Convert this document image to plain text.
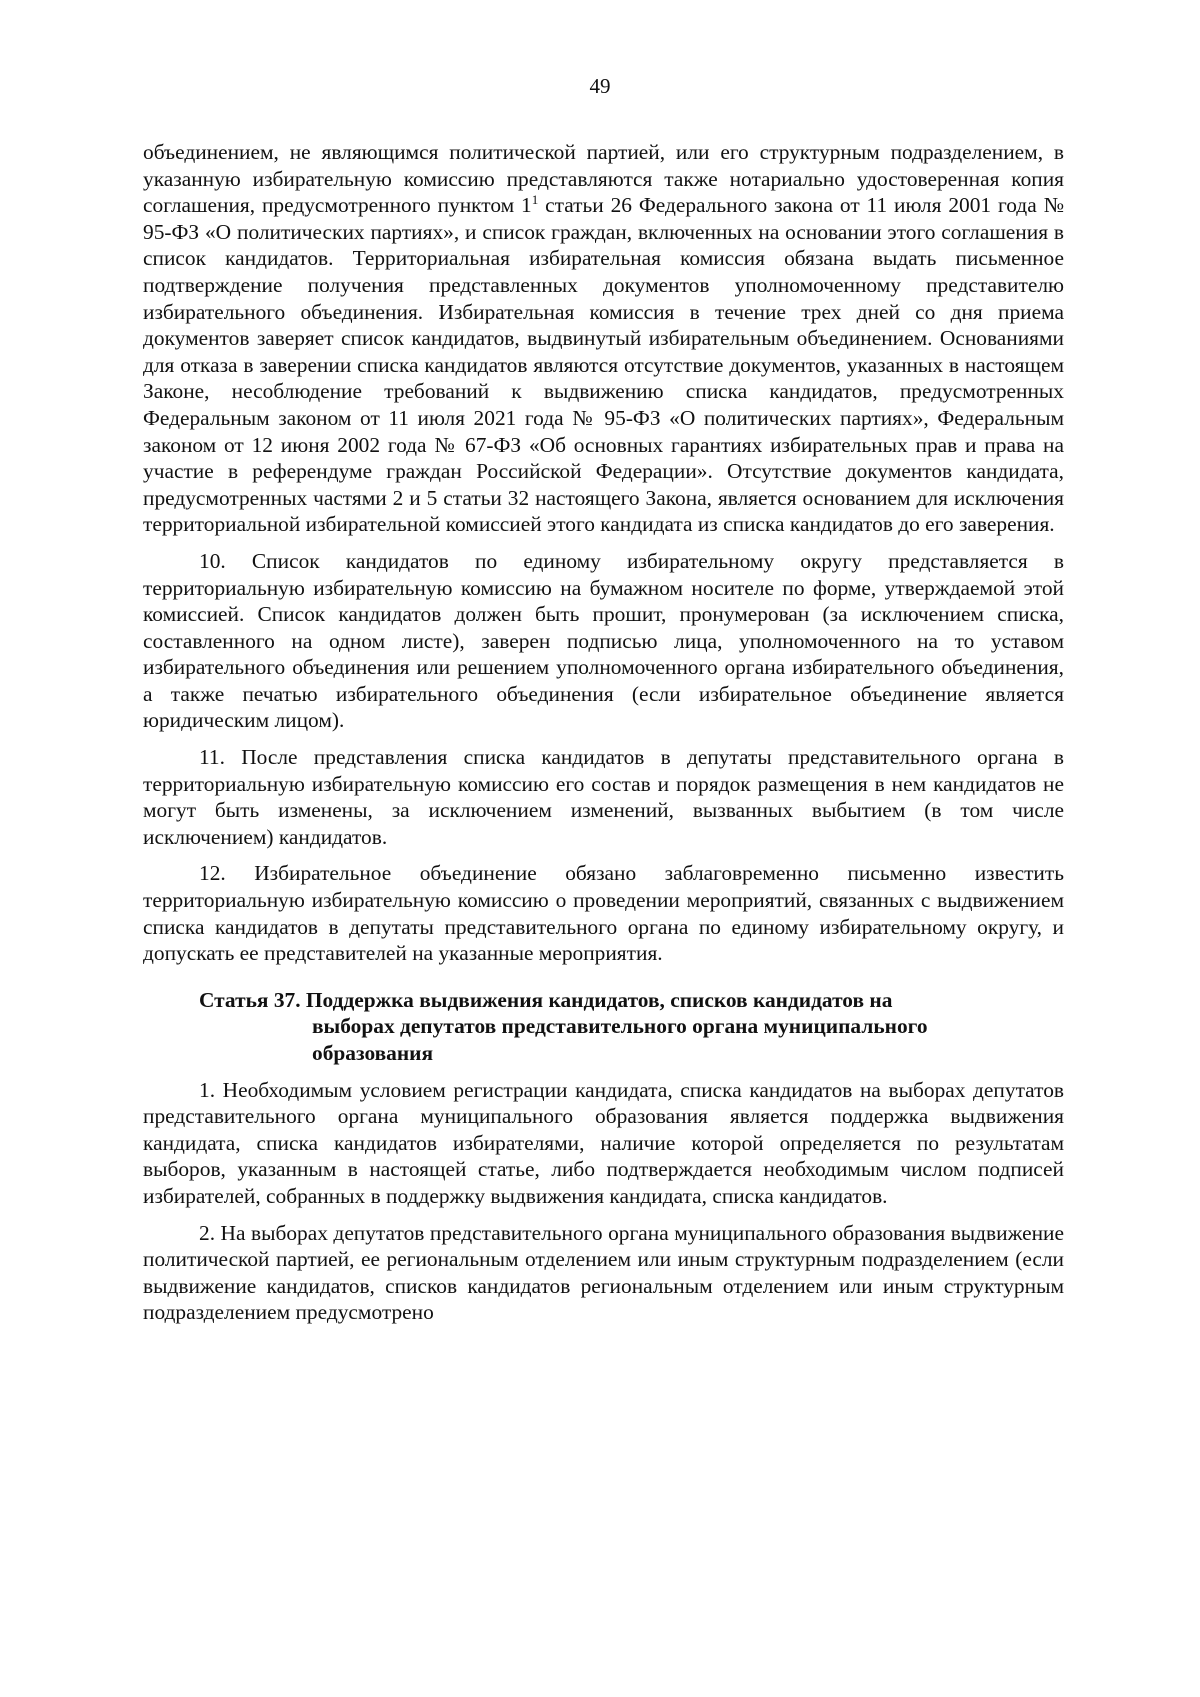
49

объединением, не являющимся политической партией, или его структурным подразделением, в указанную избирательную комиссию представляются также нотариально удостоверенная копия соглашения, предусмотренного пунктом $1^1$ статьи 26 Федерального закона от 11 июля 2001 года № 95-ФЗ «О политических партиях», и список граждан, включенных на основании этого соглашения в список кандидатов. Территориальная избирательная комиссия обязана выдать письменное подтверждение получения представленных документов уполномоченному представителю избирательного объединения. Избирательная комиссия в течение трех дней со дня приема документов заверяет список кандидатов, выдвинутый избирательным объединением. Основаниями для отказа в заверении списка кандидатов являются отсутствие документов, указанных в настоящем Законе, несоблюдение требований к выдвижению списка кандидатов, предусмотренных Федеральным законом от 11 июля 2021 года № 95-ФЗ «О политических партиях», Федеральным законом от 12 июня 2002 года № 67-ФЗ «Об основных гарантиях избирательных прав и права на участие в референдуме граждан Российской Федерации». Отсутствие документов кандидата, предусмотренных частями 2 и 5 статьи 32 настоящего Закона, является основанием для исключения территориальной избирательной комиссией этого кандидата из списка кандидатов до его заверения.

10. Список кандидатов по единому избирательному округу представляется в территориальную избирательную комиссию на бумажном носителе по форме, утверждаемой этой комиссией. Список кандидатов должен быть прошит, пронумерован (за исключением списка, составленного на одном листе), заверен подписью лица, уполномоченного на то уставом избирательного объединения или решением уполномоченного органа избирательного объединения, а также печатью избирательного объединения (если избирательное объединение является юридическим лицом).

11. После представления списка кандидатов в депутаты представительного органа в территориальную избирательную комиссию его состав и порядок размещения в нем кандидатов не могут быть изменены, за исключением изменений, вызванных выбытием (в том числе исключением) кандидатов.

12. Избирательное объединение обязано заблаговременно письменно известить территориальную избирательную комиссию о проведении мероприятий, связанных с выдвижением списка кандидатов в депутаты представительного органа по единому избирательному округу, и допускать ее представителей на указанные мероприятия.

Статья 37. Поддержка выдвижения кандидатов, списков кандидатов на
выборах депутатов представительного органа муниципального
образования

1. Необходимым условием регистрации кандидата, списка кандидатов на выборах депутатов представительного органа муниципального образования является поддержка выдвижения кандидата, списка кандидатов избирателями, наличие которой определяется по результатам выборов, указанным в настоящей статье, либо подтверждается необходимым числом подписей избирателей, собранных в поддержку выдвижения кандидата, списка кандидатов.

2. На выборах депутатов представительного органа муниципального образования выдвижение политической партией, ее региональным отделением или иным структурным подразделением (если выдвижение кандидатов, списков кандидатов региональным отделением или иным структурным подразделением предусмотрено
